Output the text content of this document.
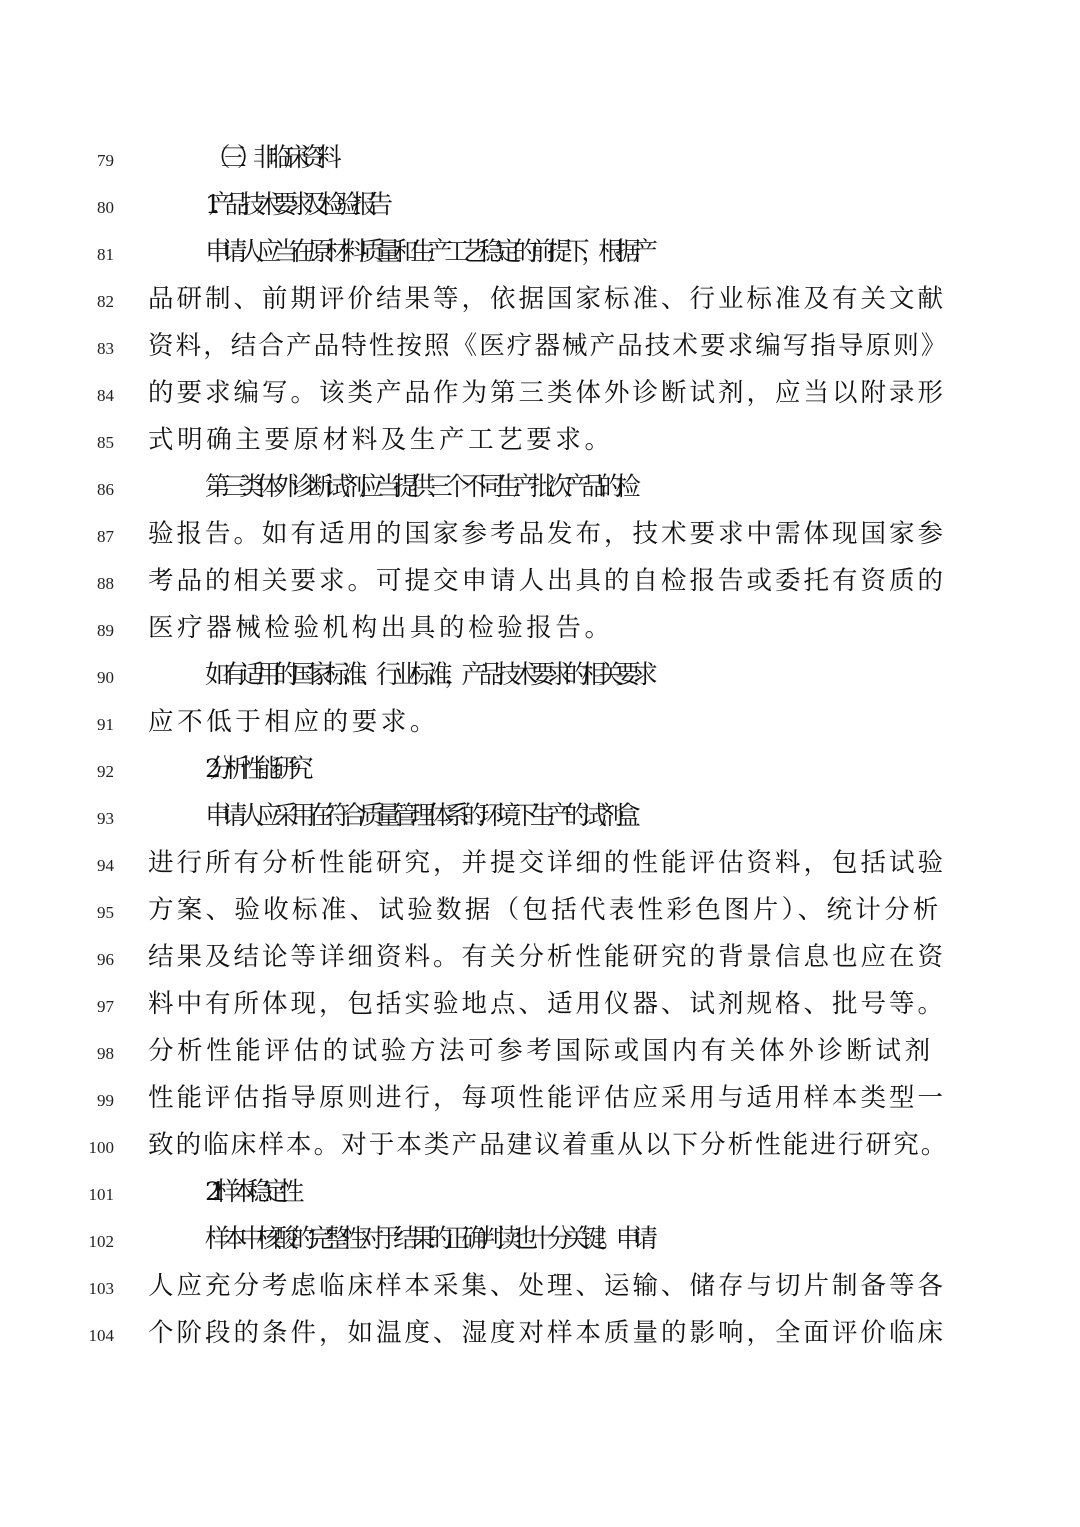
79	（三）非临床资料
80	1. 产品技术要求及检验报告
81	申请人应当在原材料质量和生产工艺稳定的前提下，根据产
82 品研制、前期评价结果等，依据国家标准、行业标准及有关文献
83 资料，结合产品特性按照《医疗器械产品技术要求编写指导原则》
84 的要求编写。该类产品作为第三类体外诊断试剂，应当以附录形
85 式明确主要原材料及生产工艺要求。
86	第三类体外诊断试剂应当提供三个不同生产批次产品的检
87 验报告。如有适用的国家参考品发布，技术要求中需体现国家参
88 考品的相关要求。可提交申请人出具的自检报告或委托有资质的
89 医疗器械检验机构出具的检验报告。
90	如有适用的国家标准、行业标准，产品技术要求的相关要求
91 应不低于相应的要求。
92	2. 分析性能研究
93	申请人应采用在符合质量管理体系的环境下生产的试剂盒
94 进行所有分析性能研究，并提交详细的性能评估资料，包括试验
95 方案、验收标准、试验数据（包括代表性彩色图片）、统计分析
96 结果及结论等详细资料。有关分析性能研究的背景信息也应在资
97 料中有所体现，包括实验地点、适用仪器、试剂规格、批号等。
98 分析性能评估的试验方法可参考国际或国内有关体外诊断试剂
99 性能评估指导原则进行，每项性能评估应采用与适用样本类型一
100 致的临床样本。对于本类产品建议着重从以下分析性能进行研究。
101	2.1 样本稳定性
102	样本中核酸的完整性对于结果的正确判读也十分关键。申请
103 人应充分考虑临床样本采集、处理、运输、储存与切片制备等各
104 个阶段的条件，如温度、湿度对样本质量的影响，全面评价临床
